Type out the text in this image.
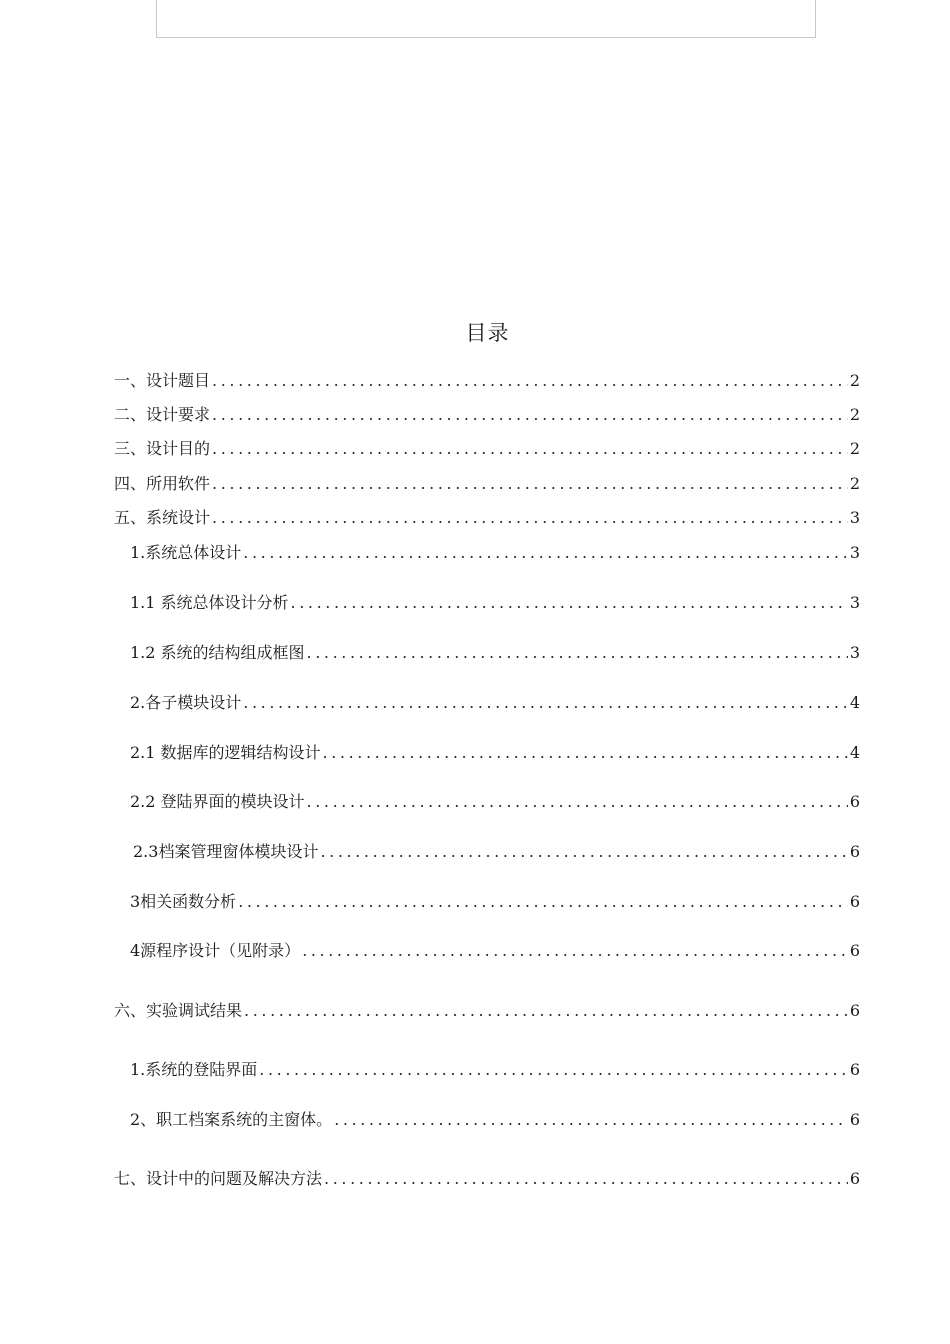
目录
一、设计题目 .....	2
二、设计要求 .....	2
三、设计目的 .....	2
四、所用软件 .....	2
五、系统设计 .....	3
1.系统总体设计 .....	3
1.1 系统总体设计分析 .....	3
1.2 系统的结构组成框图 .....	3
2.各子模块设计 .....	4
2.1 数据库的逻辑结构设计 .....	4
2.2 登陆界面的模块设计 .....	6
2.3档案管理窗体模块设计 .....	6
3相关函数分析 .....	6
4源程序设计（见附录） .....	6
六、实验调试结果 .....	6
1.系统的登陆界面 .....	6
2、职工档案系统的主窗体。 .....	6
七、设计中的问题及解决方法 .....	6
